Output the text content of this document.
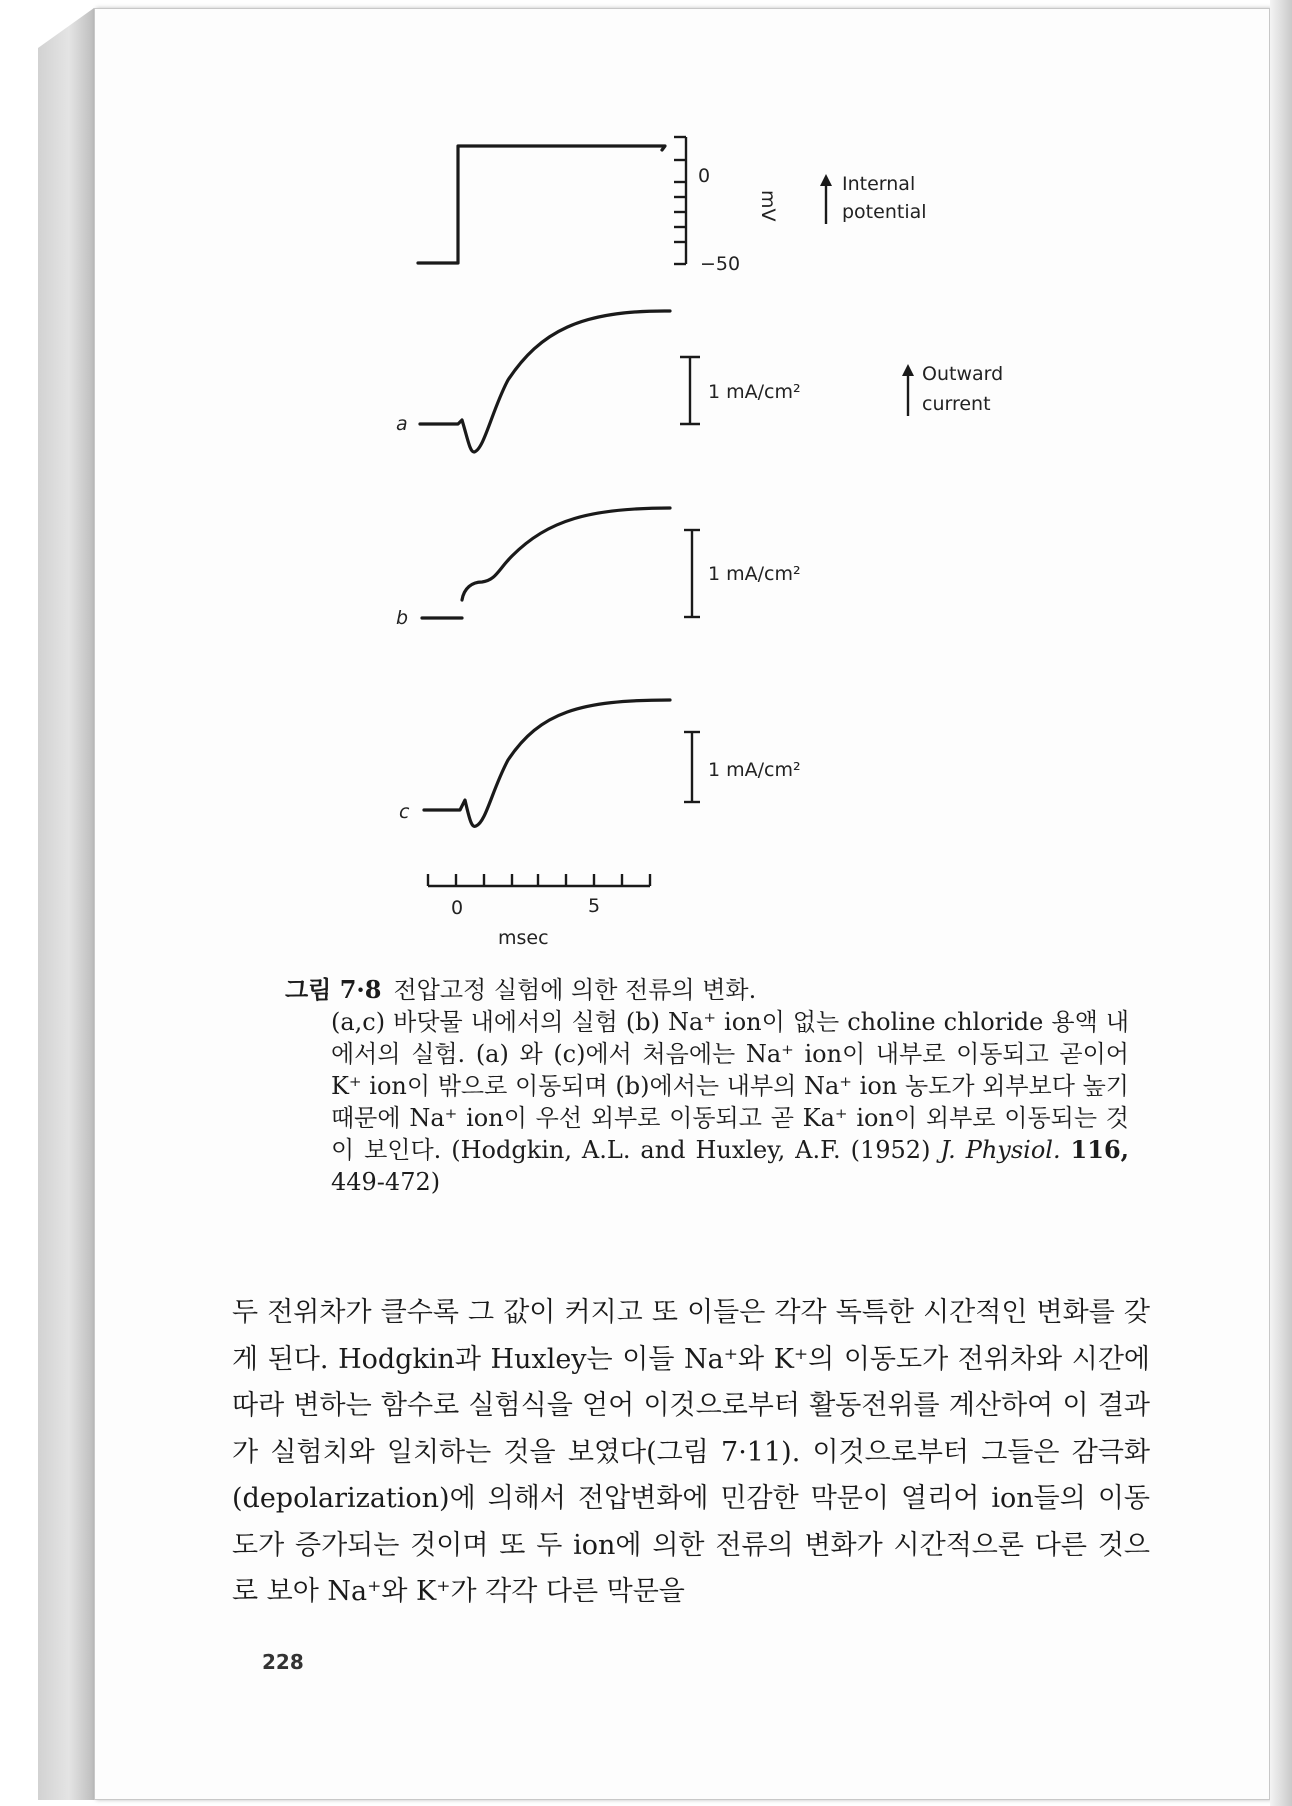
0
−50
mV
Internal
potential
a
1 mA/cm²
Outward
current
b
1 mA/cm²
c
1 mA/cm²
0	5
msec
그림 7·8 전압고정 실험에 의한 전류의 변화.
(a,c) 바닷물 내에서의 실험 (b) Na⁺ ion이 없는 choline chloride 용액 내에서의 실험. (a) 와 (c)에서 처음에는 Na⁺ ion이 내부로 이동되고 곧이어 K⁺ ion이 밖으로 이동되며 (b)에서는 내부의 Na⁺ ion 농도가 외부보다 높기 때문에 Na⁺ ion이 우선 외부로 이동되고 곧 Ka⁺ ion이 외부로 이동되는 것이 보인다. (Hodgkin, A.L. and Huxley, A.F. (1952) J. Physiol. 116, 449-472)
두 전위차가 클수록 그 값이 커지고 또 이들은 각각 독특한 시간적인 변화를 갖게 된다. Hodgkin과 Huxley는 이들 Na⁺와 K⁺의 이동도가 전위차와 시간에 따라 변하는 함수로 실험식을 얻어 이것으로부터 활동전위를 계산하여 이 결과가 실험치와 일치하는 것을 보였다(그림 7·11). 이것으로부터 그들은 감극화(depolarization)에 의해서 전압변화에 민감한 막문이 열리어 ion들의 이동도가 증가되는 것이며 또 두 ion에 의한 전류의 변화가 시간적으론 다른 것으로 보아 Na⁺와 K⁺가 각각 다른 막문을
228
